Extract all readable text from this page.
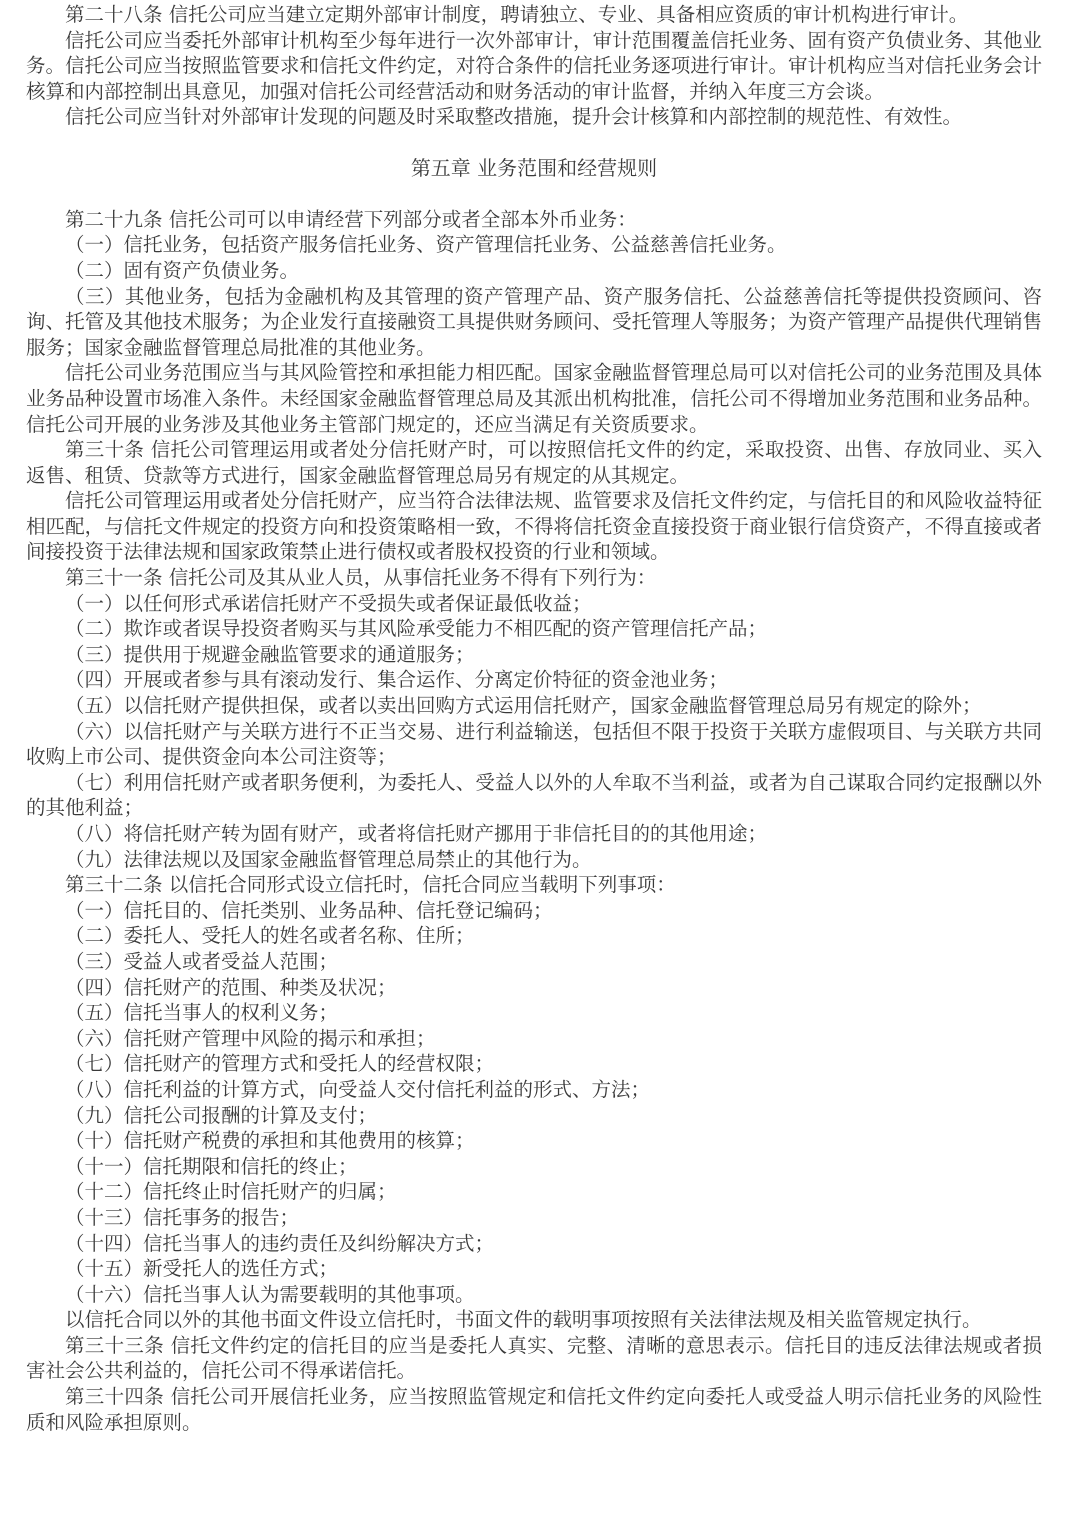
第二十八条 信托公司应当建立定期外部审计制度，聘请独立、专业、具备相应资质的审计机构进行审计。

信托公司应当委托外部审计机构至少每年进行一次外部审计，审计范围覆盖信托业务、固有资产负债业务、其他业务。信托公司应当按照监管要求和信托文件约定，对符合条件的信托业务逐项进行审计。审计机构应当对信托业务会计核算和内部控制出具意见，加强对信托公司经营活动和财务活动的审计监督，并纳入年度三方会谈。

信托公司应当针对外部审计发现的问题及时采取整改措施，提升会计核算和内部控制的规范性、有效性。

第五章 业务范围和经营规则

第二十九条 信托公司可以申请经营下列部分或者全部本外币业务：

（一）信托业务，包括资产服务信托业务、资产管理信托业务、公益慈善信托业务。

（二）固有资产负债业务。

（三）其他业务，包括为金融机构及其管理的资产管理产品、资产服务信托、公益慈善信托等提供投资顾问、咨询、托管及其他技术服务；为企业发行直接融资工具提供财务顾问、受托管理人等服务；为资产管理产品提供代理销售服务；国家金融监督管理总局批准的其他业务。

信托公司业务范围应当与其风险管控和承担能力相匹配。国家金融监督管理总局可以对信托公司的业务范围及具体业务品种设置市场准入条件。未经国家金融监督管理总局及其派出机构批准，信托公司不得增加业务范围和业务品种。信托公司开展的业务涉及其他业务主管部门规定的，还应当满足有关资质要求。

第三十条 信托公司管理运用或者处分信托财产时，可以按照信托文件的约定，采取投资、出售、存放同业、买入返售、租赁、贷款等方式进行，国家金融监督管理总局另有规定的从其规定。

信托公司管理运用或者处分信托财产，应当符合法律法规、监管要求及信托文件约定，与信托目的和风险收益特征相匹配，与信托文件规定的投资方向和投资策略相一致，不得将信托资金直接投资于商业银行信贷资产，不得直接或者间接投资于法律法规和国家政策禁止进行债权或者股权投资的行业和领域。

第三十一条 信托公司及其从业人员，从事信托业务不得有下列行为：

（一）以任何形式承诺信托财产不受损失或者保证最低收益；

（二）欺诈或者误导投资者购买与其风险承受能力不相匹配的资产管理信托产品；

（三）提供用于规避金融监管要求的通道服务；

（四）开展或者参与具有滚动发行、集合运作、分离定价特征的资金池业务；

（五）以信托财产提供担保，或者以卖出回购方式运用信托财产，国家金融监督管理总局另有规定的除外；

（六）以信托财产与关联方进行不正当交易、进行利益输送，包括但不限于投资于关联方虚假项目、与关联方共同收购上市公司、提供资金向本公司注资等；

（七）利用信托财产或者职务便利，为委托人、受益人以外的人牟取不当利益，或者为自己谋取合同约定报酬以外的其他利益；

（八）将信托财产转为固有财产，或者将信托财产挪用于非信托目的的其他用途；

（九）法律法规以及国家金融监督管理总局禁止的其他行为。

第三十二条 以信托合同形式设立信托时，信托合同应当载明下列事项：

（一）信托目的、信托类别、业务品种、信托登记编码；

（二）委托人、受托人的姓名或者名称、住所；

（三）受益人或者受益人范围；

（四）信托财产的范围、种类及状况；

（五）信托当事人的权利义务；

（六）信托财产管理中风险的揭示和承担；

（七）信托财产的管理方式和受托人的经营权限；

（八）信托利益的计算方式，向受益人交付信托利益的形式、方法；

（九）信托公司报酬的计算及支付；

（十）信托财产税费的承担和其他费用的核算；

（十一）信托期限和信托的终止；

（十二）信托终止时信托财产的归属；

（十三）信托事务的报告；

（十四）信托当事人的违约责任及纠纷解决方式；

（十五）新受托人的选任方式；

（十六）信托当事人认为需要载明的其他事项。

以信托合同以外的其他书面文件设立信托时，书面文件的载明事项按照有关法律法规及相关监管规定执行。

第三十三条 信托文件约定的信托目的应当是委托人真实、完整、清晰的意思表示。信托目的违反法律法规或者损害社会公共利益的，信托公司不得承诺信托。

第三十四条 信托公司开展信托业务，应当按照监管规定和信托文件约定向委托人或受益人明示信托业务的风险性质和风险承担原则。
